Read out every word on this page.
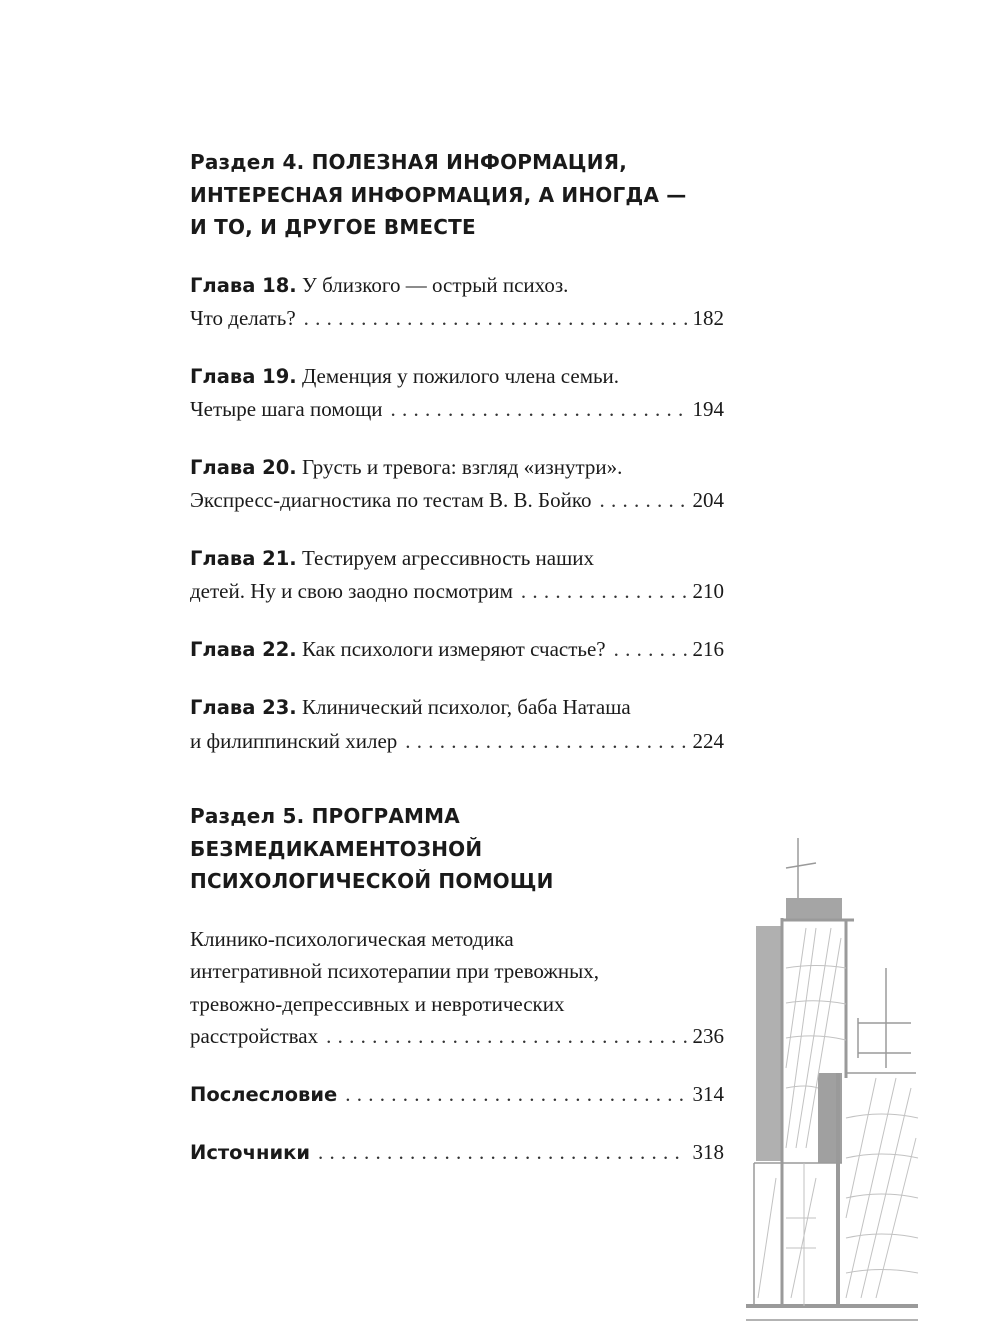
Раздел 4. ПОЛЕЗНАЯ ИНФОРМАЦИЯ,
ИНТЕРЕСНАЯ ИНФОРМАЦИЯ, А ИНОГДА —
И ТО, И ДРУГОЕ ВМЕСТЕ
Глава 18. У близкого — острый психоз.
Что делать? . . .	182
Глава 19. Деменция у пожилого члена семьи.
Четыре шага помощи . . .	194
Глава 20. Грусть и тревога: взгляд «изнутри».
Экспресс-диагностика по тестам В. В. Бойко . . .	204
Глава 21. Тестируем агрессивность наших
детей. Ну и свою заодно посмотрим . . .	210
Глава 22. Как психологи измеряют счастье? . . .	216
Глава 23. Клинический психолог, баба Наташа
и филиппинский хилер . . .	224
Раздел 5. ПРОГРАММА
БЕЗМЕДИКАМЕНТОЗНОЙ
ПСИХОЛОГИЧЕСКОЙ ПОМОЩИ
Клинико-психологическая методика
интегративной психотерапии при тревожных,
тревожно-депрессивных и невротических
расстройствах . . .	236
Послесловие . . .	314
Источники . . .	318
